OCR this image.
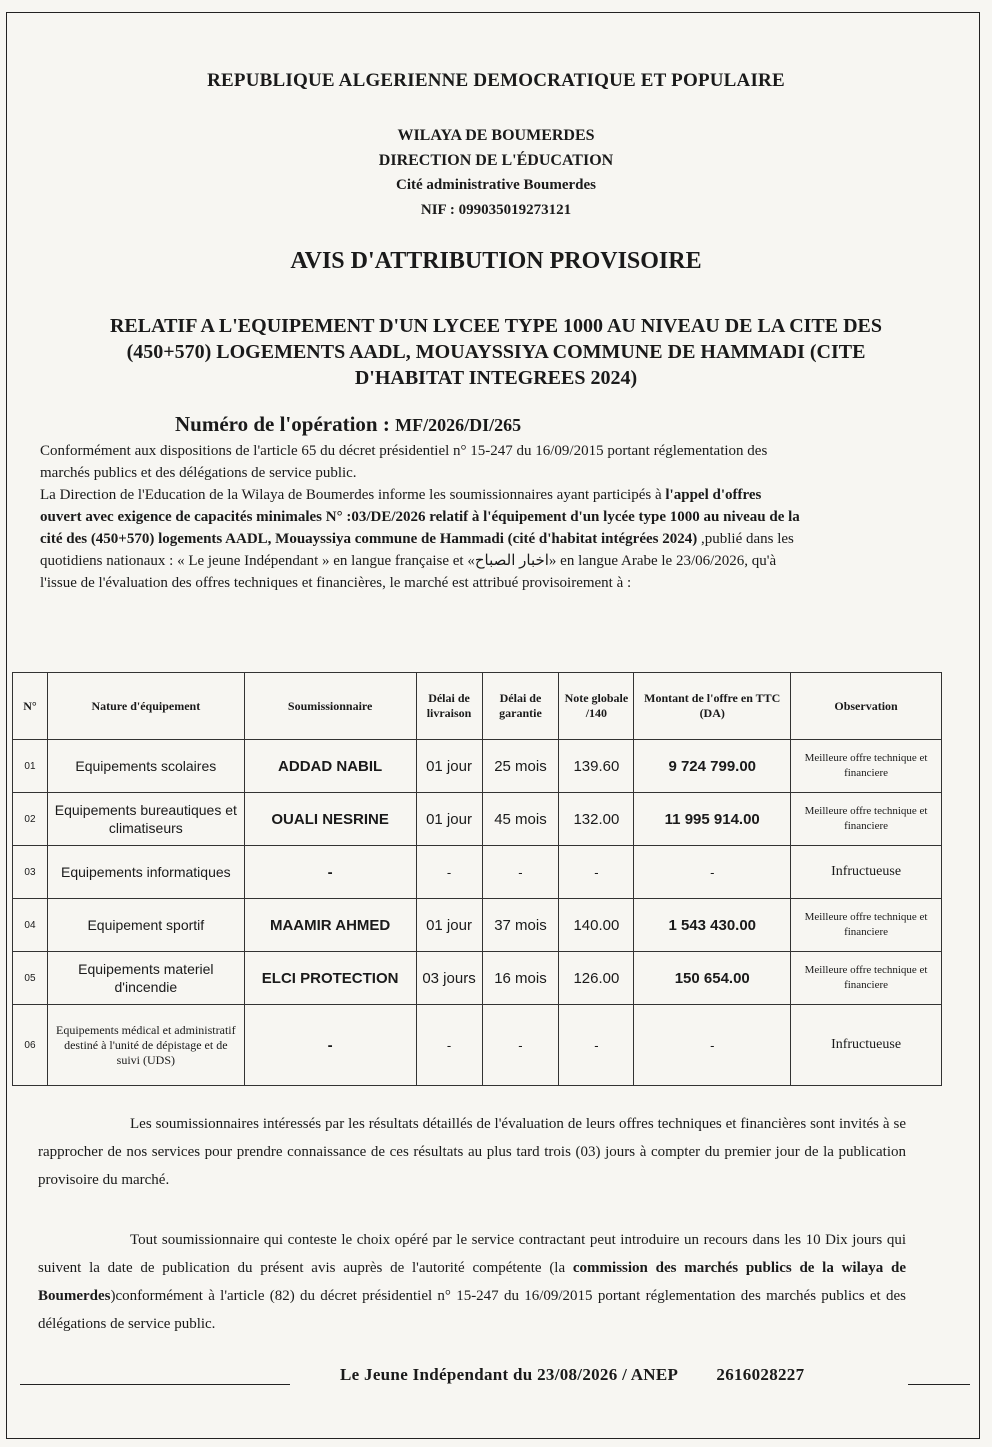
REPUBLIQUE ALGERIENNE DEMOCRATIQUE ET POPULAIRE
WILAYA DE BOUMERDES
DIRECTION DE L'ÉDUCATION
Cité administrative Boumerdes
NIF : 099035019273121
AVIS D'ATTRIBUTION PROVISOIRE
RELATIF A L'EQUIPEMENT D'UN LYCEE TYPE 1000 AU NIVEAU DE LA CITE DES
(450+570) LOGEMENTS AADL, MOUAYSSIYA COMMUNE DE HAMMADI (CITE
D'HABITAT INTEGREES 2024)
Numéro de l'opération : MF/2026/DI/265

Conformément aux dispositions de l'article 65 du décret présidentiel n° 15-247 du 16/09/2015 portant réglementation des marchés publics et des délégations de service public.

La Direction de l'Education de la Wilaya de Boumerdes informe les soumissionnaires ayant participés à l'appel d'offres ouvert avec exigence de capacités minimales N° :03/DE/2026 relatif à l'équipement d'un lycée type 1000 au niveau de la cité des (450+570) logements AADL, Mouayssiya commune de Hammadi (cité d'habitat intégrées 2024) ,publié dans les quotidiens nationaux : « Le jeune Indépendant » en langue française et «اخبار الصباح» en langue Arabe le 23/06/2026, qu'à l'issue de l'évaluation des offres techniques et financières, le marché est attribué provisoirement à :

N°	Nature d'équipement	Soumissionnaire	Délai de livraison	Délai de garantie	Note globale /140	Montant de l'offre en TTC (DA)	Observation
01	Equipements scolaires	ADDAD NABIL	01 jour	25 mois	139.60	9 724 799.00	Meilleure offre technique et financiere
02	Equipements bureautiques et climatiseurs	OUALI NESRINE	01 jour	45 mois	132.00	11 995 914.00	Meilleure offre technique et financiere
03	Equipements informatiques	-	-	-	-	-	Infructueuse
04	Equipement sportif	MAAMIR AHMED	01 jour	37 mois	140.00	1 543 430.00	Meilleure offre technique et financiere
05	Equipements materiel d'incendie	ELCI PROTECTION	03 jours	16 mois	126.00	150 654.00	Meilleure offre technique et financiere
06	Equipements médical et administratif destiné à l'unité de dépistage et de suivi (UDS)	-	-	-	-	-	Infructueuse

Les soumissionnaires intéressés par les résultats détaillés de l'évaluation de leurs offres techniques et financières sont invités à se rapprocher de nos services pour prendre connaissance de ces résultats au plus tard trois (03) jours à compter du premier jour de la publication provisoire du marché.

Tout soumissionnaire qui conteste le choix opéré par le service contractant peut introduire un recours dans les 10 Dix jours qui suivent la date de publication du présent avis auprès de l'autorité compétente (la commission des marchés publics de la wilaya de Boumerdes)conformément à l'article (82) du décret présidentiel n° 15-247 du 16/09/2015 portant réglementation des marchés publics et des délégations de service public.

Le Jeune Indépendant du 23/08/2026 / ANEP 2616028227
